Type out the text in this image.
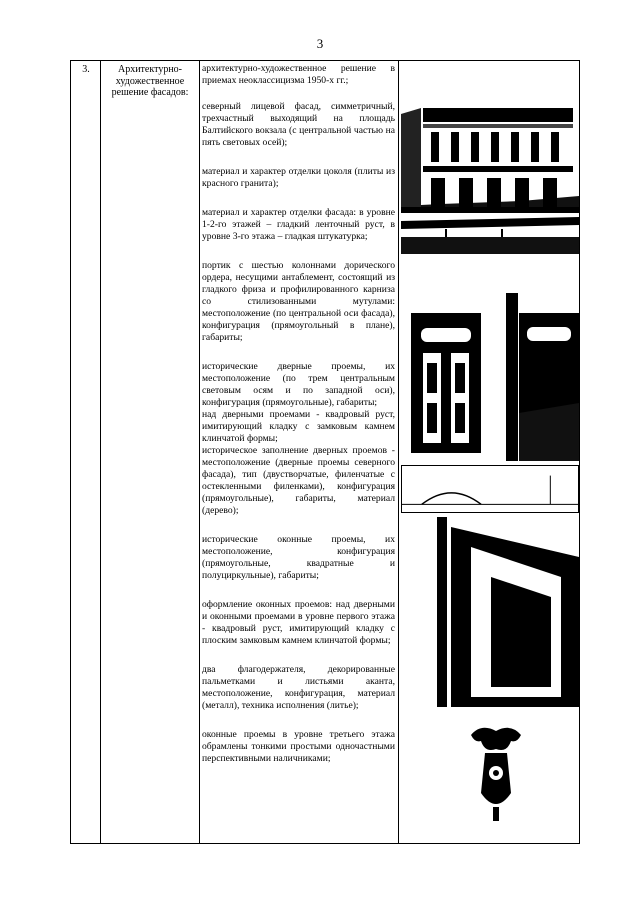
3
3.	Архитектурно-художественное решение фасадов:

архитектурно-художественное решение в приемах неоклассицизма 1950-х гг.;

северный лицевой фасад, симметричный, трехчастный выходящий на площадь Балтийского вокзала (с центральной частью на пять световых осей);

материал и характер отделки цоколя (плиты из красного гранита);

материал и характер отделки фасада: в уровне 1-2-го этажей – гладкий ленточный руст, в уровне 3-го этажа – гладкая штукатурка;

портик с шестью колоннами дорического ордера, несущими антаблемент, состоящий из гладкого фриза и профилированного карниза со стилизованными мутулами: местоположение (по центральной оси фасада), конфигурация (прямоугольный в плане), габариты;

исторические дверные проемы, их местоположение (по трем центральным световым осям и по западной оси), конфигурация (прямоугольные), габариты;

над дверными проемами - квадровый руст, имитирующий кладку с замковым камнем клинчатой формы;

историческое заполнение дверных проемов - местоположение (дверные проемы северного фасада), тип (двустворчатые, филенчатые с остекленными филенками), конфигурация (прямоугольные), габариты, материал (дерево);

исторические оконные проемы, их местоположение, конфигурация (прямоугольные, квадратные и полуциркульные), габариты;

оформление оконных проемов: над дверными и оконными проемами в уровне первого этажа - квадровый руст, имитирующий кладку с плоским замковым камнем клинчатой формы;

два флагодержателя, декорированные пальметками и листьями аканта, местоположение, конфигурация, материал (металл), техника исполнения (литье);

оконные проемы в уровне третьего этажа обрамлены тонкими простыми одночастными перспективными наличниками;
